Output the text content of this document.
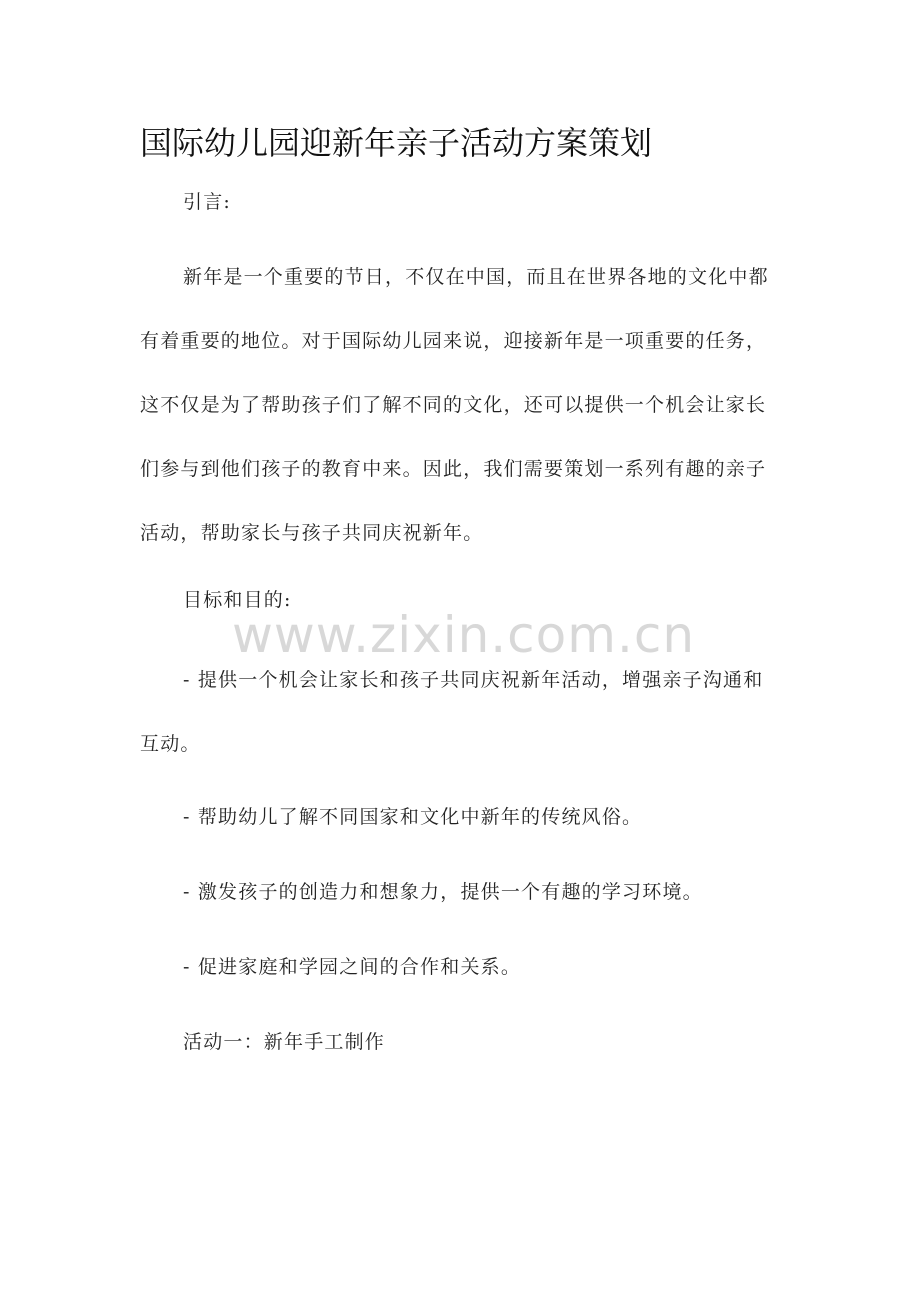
国际幼儿园迎新年亲子活动方案策划

引言:

新年是一个重要的节日，不仅在中国，而且在世界各地的文化中都有着重要的地位。对于国际幼儿园来说，迎接新年是一项重要的任务，这不仅是为了帮助孩子们了解不同的文化，还可以提供一个机会让家长们参与到他们孩子的教育中来。因此，我们需要策划一系列有趣的亲子活动，帮助家长与孩子共同庆祝新年。

目标和目的:

- 提供一个机会让家长和孩子共同庆祝新年活动，增强亲子沟通和互动。

- 帮助幼儿了解不同国家和文化中新年的传统风俗。

- 激发孩子的创造力和想象力，提供一个有趣的学习环境。

- 促进家庭和学园之间的合作和关系。

活动一：新年手工制作

www.zixin.com.cn
